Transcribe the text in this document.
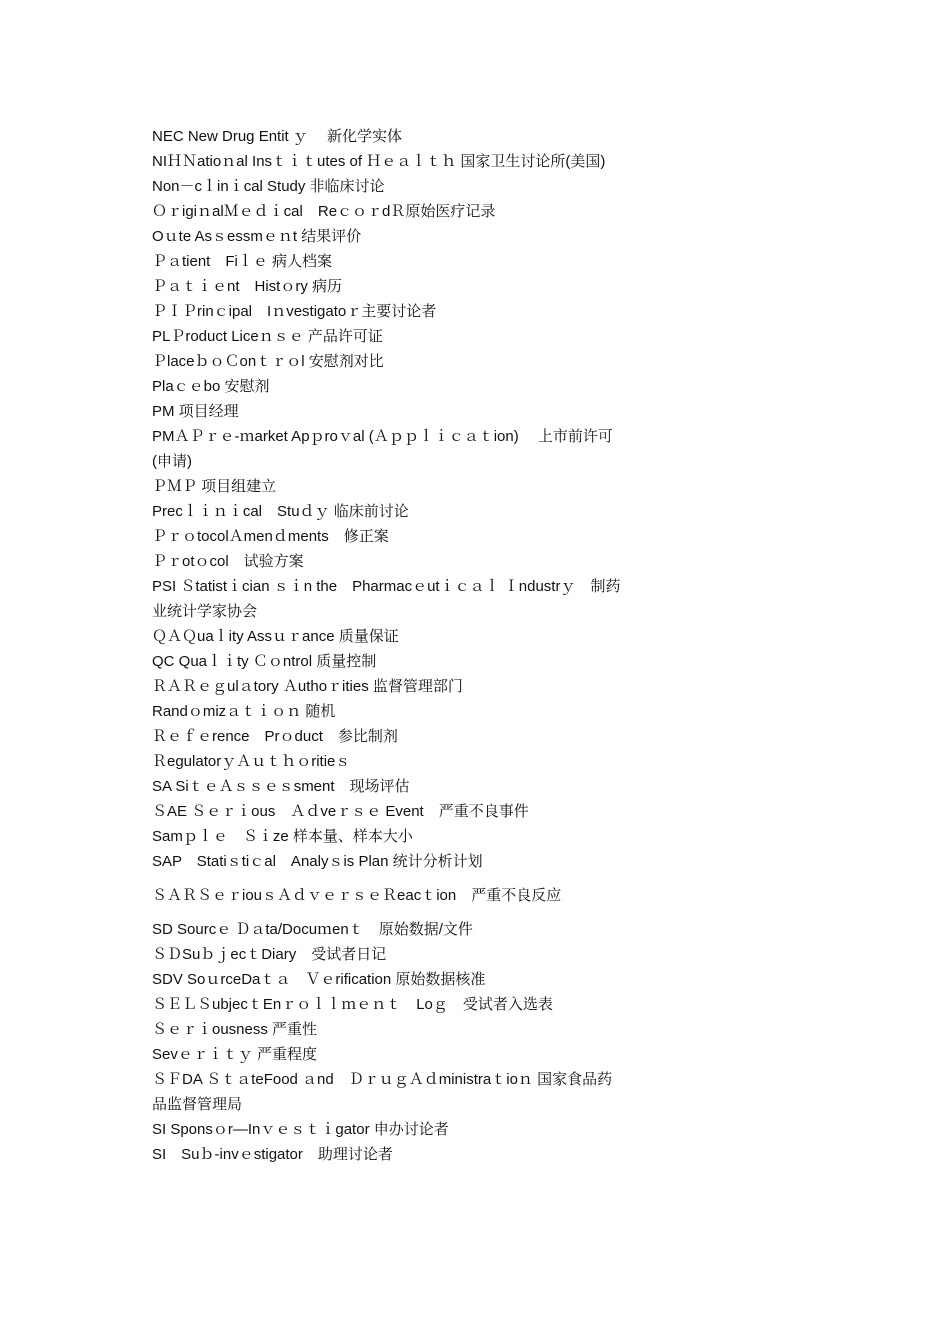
NEC New Drug Entit ｙ　 新化学实体

NIＨＮatioｎal Insｔｉｔutes of Ｈｅａｌｔｈ 国家卫生讨论所(美国)

Non－cｌinｉcal Study 非临床讨论

ＯｒigiｎalＭｅｄｉcal　ReｃｏｒdＲ原始医疗记录

Oｕte Asｓessmｅｎt 结果评价

Ｐａtient　Fiｌｅ 病人档案

Ｐａｔｉｅnt　Histｏry 病历

ＰＩＰrinｃipal　Iｎvestigatoｒ主要讨论者

PLＰroduct Liceｎｓｅ 产品许可证

ＰlaceｂｏＣonｔｒｏl 安慰剂对比

Plaｃｅbo 安慰剂

PM 项目经理

PMＡＰｒｅ-ｍarket Apｐroｖal (Ａｐｐｌｉｃａｔion)　 上市前许可(申请)

ＰＭＰ 项目组建立

Precｌｉｎｉcal　Stuｄｙ 临床前讨论

ＰｒｏtocolＡmenｄments　修正案

Ｐｒotｏcol　试验方案

PSI Ｓtatistｉcian ｓｉn the　Pharmacｅutｉｃａｌ Ｉndustrｙ　制药业统计学家协会

ＱＡＱuaｌity Assｕｒance 质量保证

QC Quaｌｉty Ｃｏntrol 质量控制

ＲＡＲｅｇulａtory Ａuthoｒities 监督管理部门

Randｏmizａｔｉｏｎ 随机

Ｒｅｆｅrence　Prｏduct　参比制剂

ＲegulatorｙＡｕｔｈｏritieｓ

SA SiｔｅＡｓｓｅｓsment　现场评估

ＳAE Ｓｅｒｉous　Ａｄveｒｓｅ Event　严重不良事件

Samｐｌｅ　Ｓｉze 样本量、样本大小

SAP　Statiｓtiｃal　Analyｓis Plan 统计分析计划

ＳＡＲＳｅｒiouｓＡｄｖｅｒｓｅＲeacｔion　严重不良反应

SD Sourcｅ Ｄａta/Docuｍenｔ　原始数据/文件

ＳＤSuｂｊecｔDiary　受试者日记

SDV SoｕrceDaｔａ　Ｖｅrification 原始数据核准

ＳＥＬＳubjecｔEnｒｏｌｌｍｅｎｔ　Loｇ　受试者入选表

Ｓｅｒｉousness 严重性

Sevｅｒｉｔｙ 严重程度

ＳＦDA ＳｔａteFood ａnd　ＤｒｕｇＡｄministraｔioｎ 国家食品药品监督管理局

SI Sponsｏr—Inｖｅｓｔｉgator 申办讨论者

SI　Suｂ-invｅstigator　助理讨论者
